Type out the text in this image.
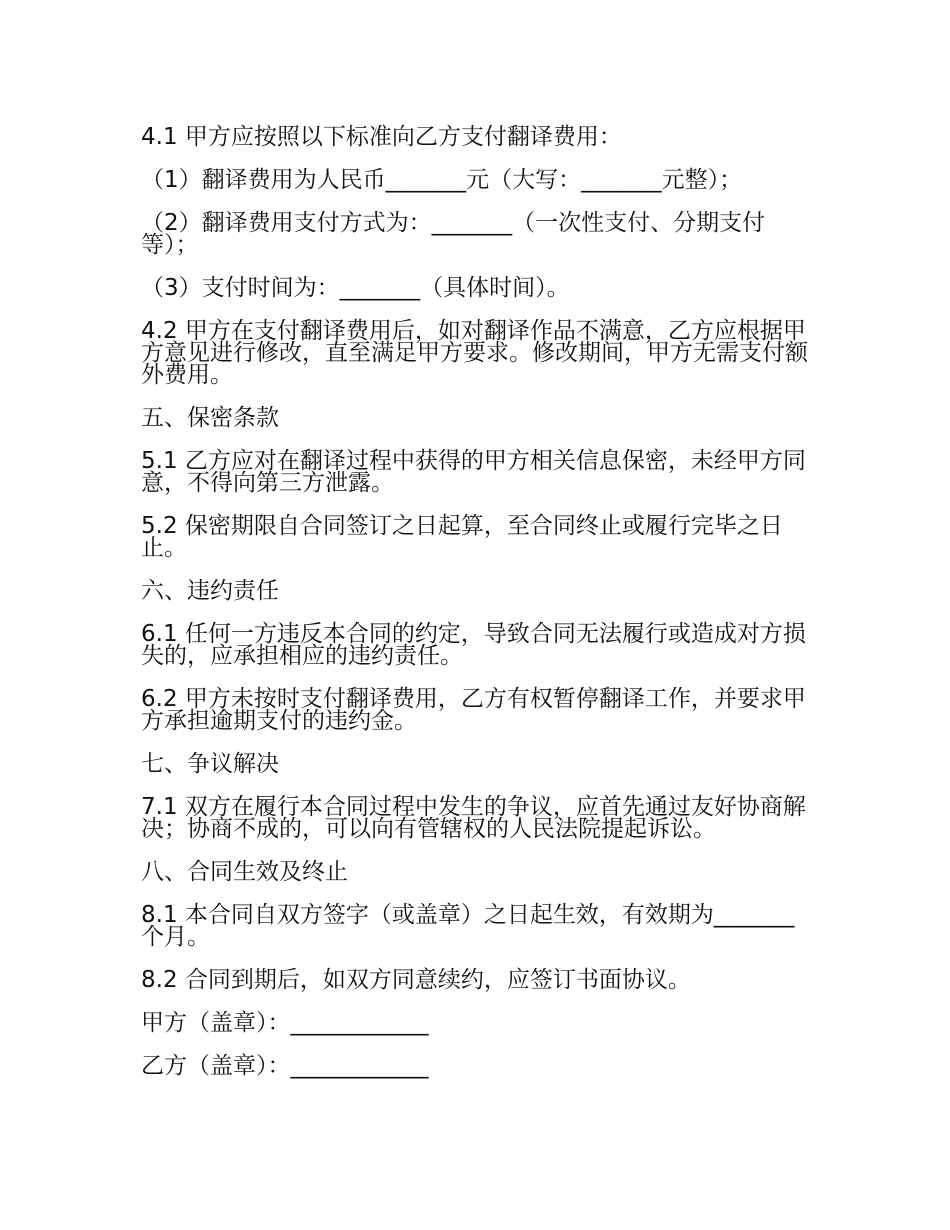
4.1 甲方应按照以下标准向乙方支付翻译费用：

（1）翻译费用为人民币_______元（大写：_______元整）；

（2）翻译费用支付方式为：_______（一次性支付、分期支付等）；

（3）支付时间为：_______（具体时间）。

4.2 甲方在支付翻译费用后，如对翻译作品不满意，乙方应根据甲方意见进行修改，直至满足甲方要求。修改期间，甲方无需支付额外费用。

五、保密条款

5.1 乙方应对在翻译过程中获得的甲方相关信息保密，未经甲方同意，不得向第三方泄露。

5.2 保密期限自合同签订之日起算，至合同终止或履行完毕之日止。

六、违约责任

6.1 任何一方违反本合同的约定，导致合同无法履行或造成对方损失的，应承担相应的违约责任。

6.2 甲方未按时支付翻译费用，乙方有权暂停翻译工作，并要求甲方承担逾期支付的违约金。

七、争议解决

7.1 双方在履行本合同过程中发生的争议，应首先通过友好协商解决；协商不成的，可以向有管辖权的人民法院提起诉讼。

八、合同生效及终止

8.1 本合同自双方签字（或盖章）之日起生效，有效期为_______个月。

8.2 合同到期后，如双方同意续约，应签订书面协议。

甲方（盖章）：____________

乙方（盖章）：____________
